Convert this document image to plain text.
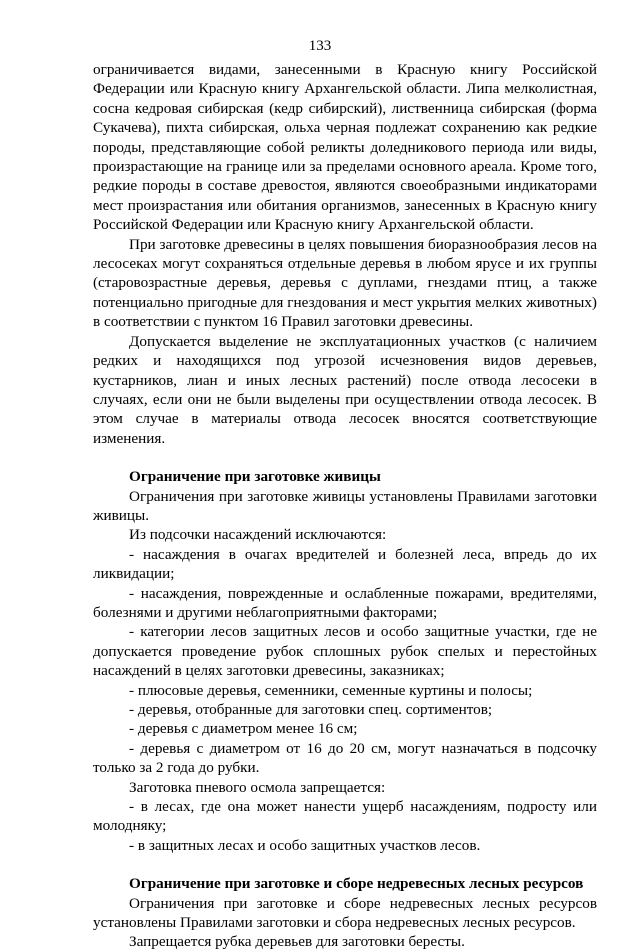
133

ограничивается видами, занесенными в Красную книгу Российской Федерации или Красную книгу Архангельской области. Липа мелколистная, сосна кедровая сибирская (кедр сибирский), лиственница сибирская (форма Сукачева), пихта сибирская, ольха черная подлежат сохранению как редкие породы, представляющие собой реликты доледникового периода или виды, произрастающие на границе или за пределами основного ареала. Кроме того, редкие породы в составе древостоя, являются своеобразными индикаторами мест произрастания или обитания организмов, занесенных в Красную книгу Российской Федерации или Красную книгу Архангельской области.

При заготовке древесины в целях повышения биоразнообразия лесов на лесосеках могут сохраняться отдельные деревья в любом ярусе и их группы (старовозрастные деревья, деревья с дуплами, гнездами птиц, а также потенциально пригодные для гнездования и мест укрытия мелких животных) в соответствии с пунктом 16 Правил заготовки древесины.

Допускается выделение не эксплуатационных участков (с наличием редких и находящихся под угрозой исчезновения видов деревьев, кустарников, лиан и иных лесных растений) после отвода лесосеки в случаях, если они не были выделены при осуществлении отвода лесосек. В этом случае в материалы отвода лесосек вносятся соответствующие изменения.

Ограничение при заготовке живицы

Ограничения при заготовке живицы установлены Правилами заготовки живицы.

Из подсочки насаждений исключаются:

- насаждения в очагах вредителей и болезней леса, впредь до их ликвидации;

- насаждения, поврежденные и ослабленные пожарами, вредителями, болезнями и другими неблагоприятными факторами;

- категории лесов защитных лесов и особо защитные участки, где не допускается проведение рубок сплошных рубок спелых и перестойных насаждений в целях заготовки древесины, заказниках;

- плюсовые деревья, семенники, семенные куртины и полосы;

- деревья, отобранные для заготовки спец. сортиментов;

- деревья с диаметром менее 16 см;

- деревья с диаметром от 16 до 20 см, могут назначаться в подсочку только за 2 года до рубки.

Заготовка пневого осмола запрещается:

- в лесах, где она может нанести ущерб насаждениям, подросту или молодняку;

- в защитных лесах и особо защитных участков лесов.

Ограничение при заготовке и сборе недревесных лесных ресурсов

Ограничения при заготовке и сборе недревесных лесных ресурсов установлены Правилами заготовки и сбора недревесных лесных ресурсов.

Запрещается рубка деревьев для заготовки бересты.
